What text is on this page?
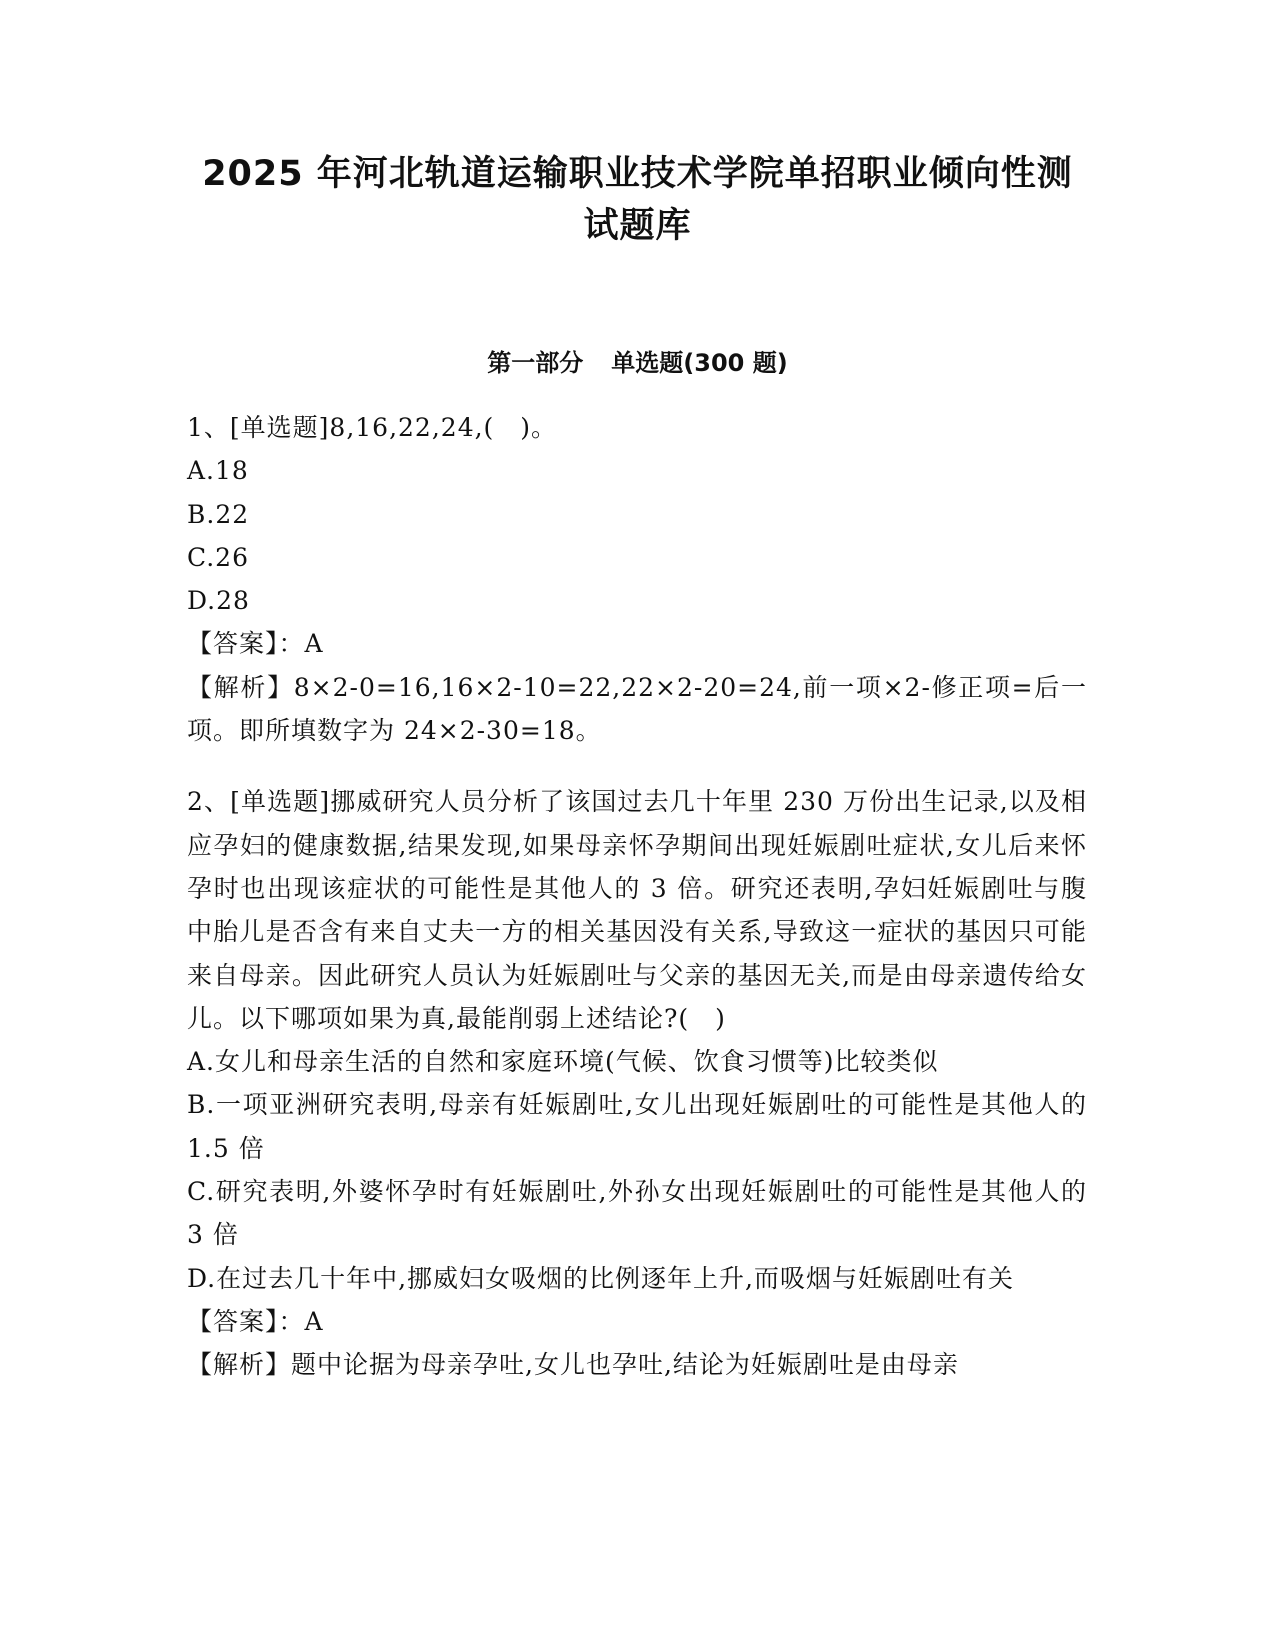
2025 年河北轨道运输职业技术学院单招职业倾向性测
试题库
第一部分 单选题(300 题)
1、[单选题]8,16,22,24,(　)。
A.18
B.22
C.26
D.28
【答案】：A
【解析】8×2-0=16,16×2-10=22,22×2-20=24,前一项×2-修正项=后一项。即所填数字为 24×2-30=18。
2、[单选题]挪威研究人员分析了该国过去几十年里 230 万份出生记录,以及相应孕妇的健康数据,结果发现,如果母亲怀孕期间出现妊娠剧吐症状,女儿后来怀孕时也出现该症状的可能性是其他人的 3 倍。研究还表明,孕妇妊娠剧吐与腹中胎儿是否含有来自丈夫一方的相关基因没有关系,导致这一症状的基因只可能来自母亲。因此研究人员认为妊娠剧吐与父亲的基因无关,而是由母亲遗传给女儿。以下哪项如果为真,最能削弱上述结论?(　)
A.女儿和母亲生活的自然和家庭环境(气候、饮食习惯等)比较类似
B.一项亚洲研究表明,母亲有妊娠剧吐,女儿出现妊娠剧吐的可能性是其他人的 1.5 倍
C.研究表明,外婆怀孕时有妊娠剧吐,外孙女出现妊娠剧吐的可能性是其他人的 3 倍
D.在过去几十年中,挪威妇女吸烟的比例逐年上升,而吸烟与妊娠剧吐有关
【答案】：A
【解析】题中论据为母亲孕吐,女儿也孕吐,结论为妊娠剧吐是由母亲
